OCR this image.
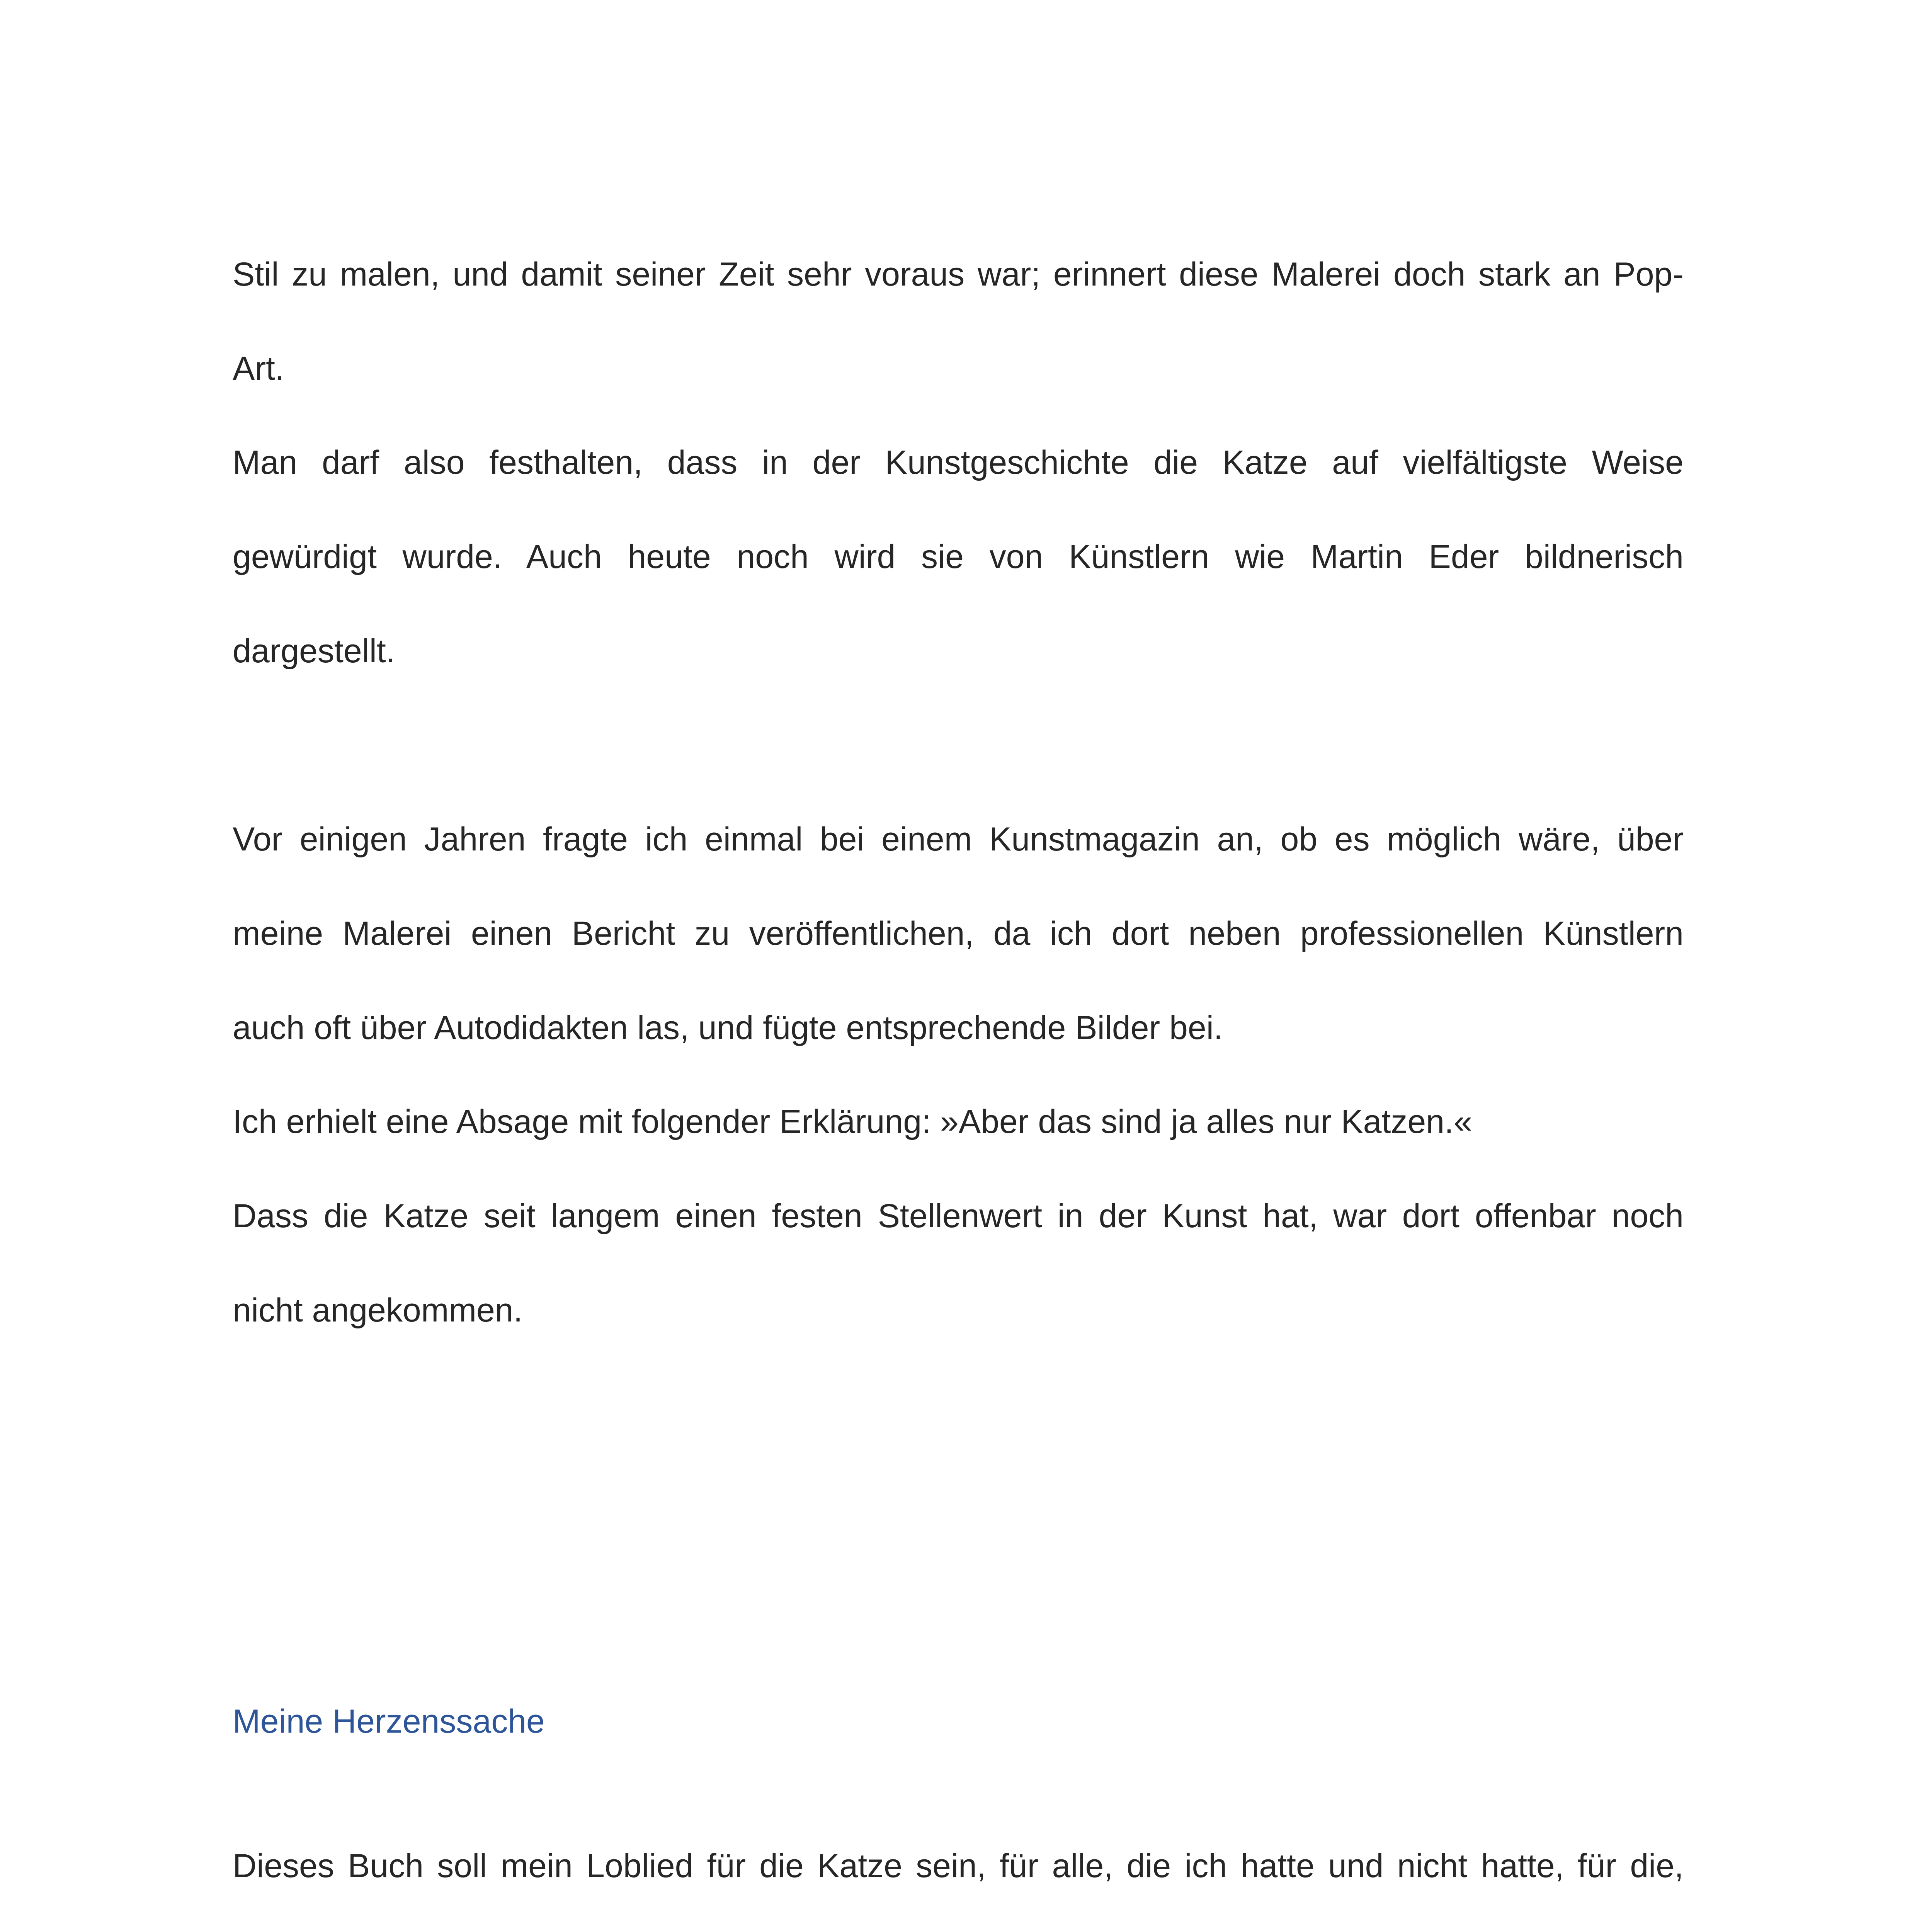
Stil zu malen, und damit seiner Zeit sehr voraus war; erinnert diese Malerei doch stark an Pop-
Art.
Man darf also festhalten, dass in der Kunstgeschichte die Katze auf vielfältigste Weise
gewürdigt wurde. Auch heute noch wird sie von Künstlern wie Martin Eder bildnerisch
dargestellt.
Vor einigen Jahren fragte ich einmal bei einem Kunstmagazin an, ob es möglich wäre, über
meine Malerei einen Bericht zu veröffentlichen, da ich dort neben professionellen Künstlern
auch oft über Autodidakten las, und fügte entsprechende Bilder bei.
Ich erhielt eine Absage mit folgender Erklärung: »Aber das sind ja alles nur Katzen.«
Dass die Katze seit langem einen festen Stellenwert in der Kunst hat, war dort offenbar noch
nicht angekommen.
Meine Herzenssache
Dieses Buch soll mein Loblied für die Katze sein, für alle, die ich hatte und nicht hatte, für die,
